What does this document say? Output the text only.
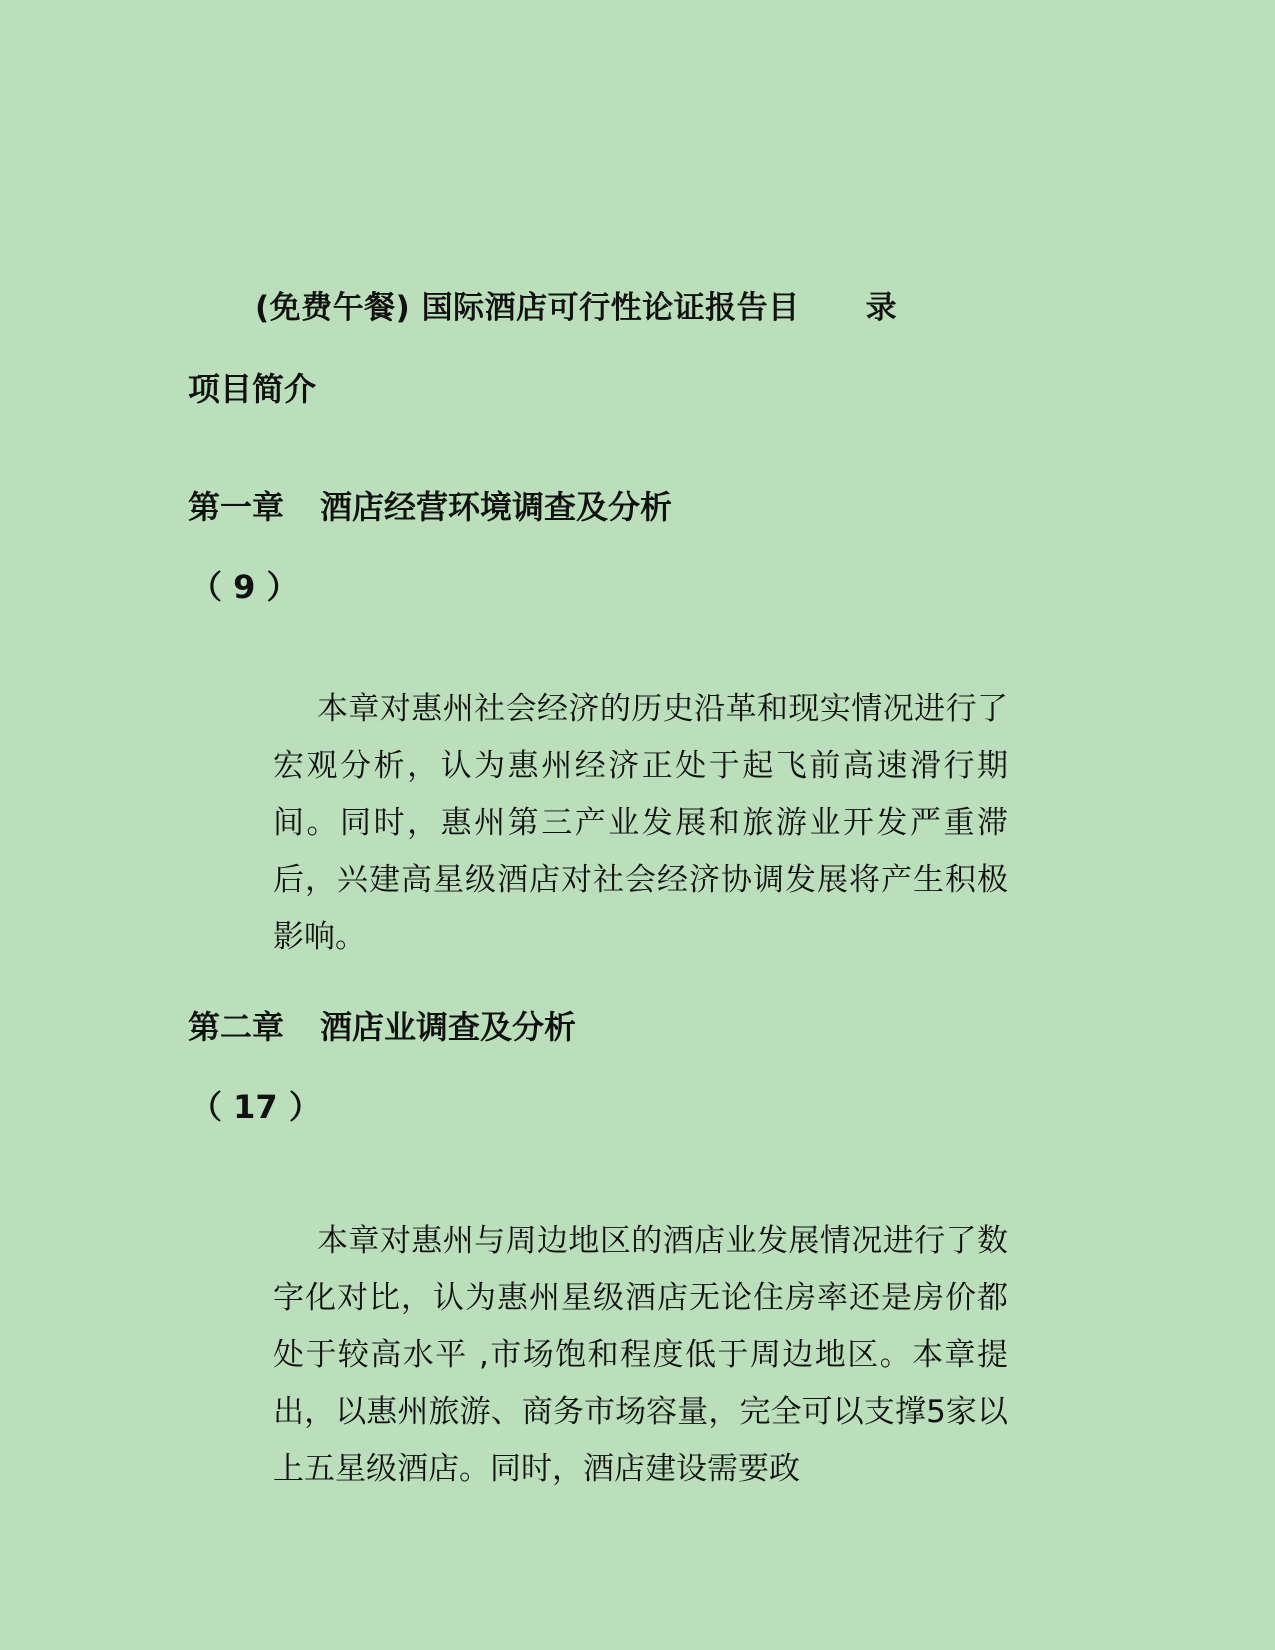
(免费午餐) 国际酒店可行性论证报告目 录
项目简介
第一章 酒店经营环境调查及分析
（ 9 ）
本章对惠州社会经济的历史沿革和现实情况进行了宏观分析，认为惠州经济正处于起飞前高速滑行期间。同时，惠州第三产业发展和旅游业开发严重滞后，兴建高星级酒店对社会经济协调发展将产生积极影响。
第二章 酒店业调查及分析
（ 17 ）
本章对惠州与周边地区的酒店业发展情况进行了数字化对比，认为惠州星级酒店无论住房率还是房价都处于较高水平 ,市场饱和程度低于周边地区。本章提出，以惠州旅游、商务市场容量，完全可以支撑5家以上五星级酒店。同时，酒店建设需要政
